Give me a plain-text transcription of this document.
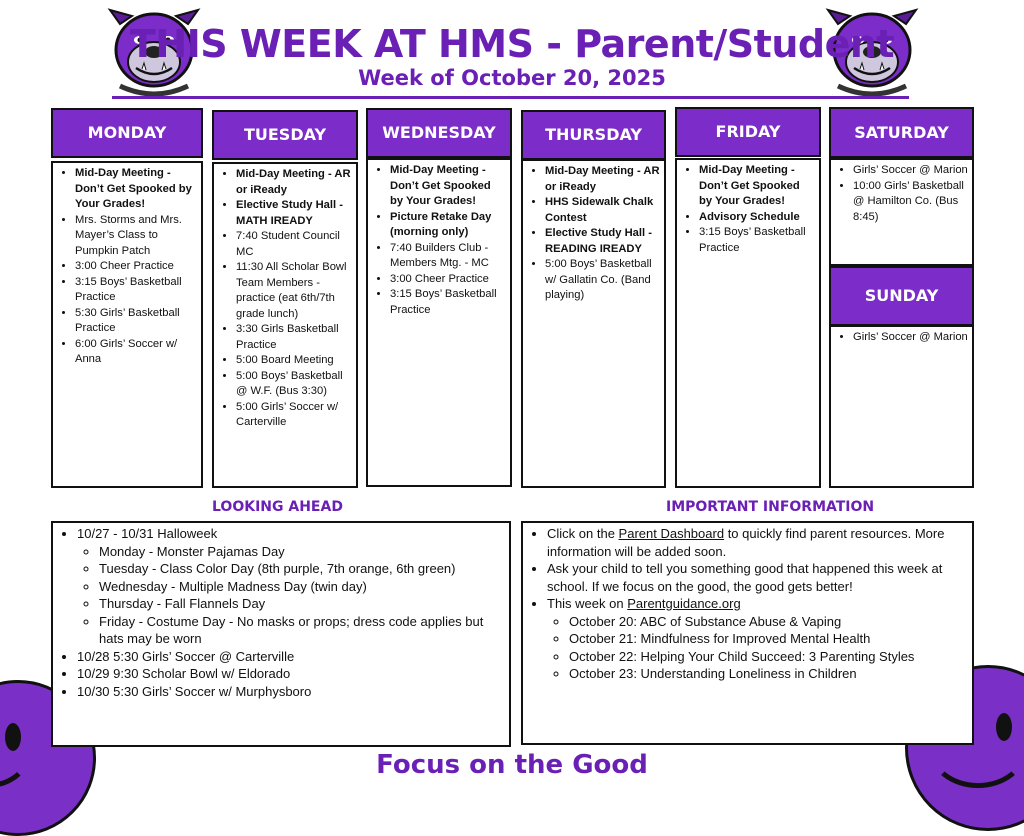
THIS WEEK AT HMS - Parent/Student
Week of October 20, 2025
MONDAY
• Mid-Day Meeting - Don’t Get Spooked by Your Grades!
• Mrs. Storms and Mrs. Mayer’s Class to Pumpkin Patch
• 3:00 Cheer Practice
• 3:15 Boys’ Basketball Practice
• 5:30 Girls’ Basketball Practice
• 6:00 Girls’ Soccer w/ Anna
TUESDAY
• Mid-Day Meeting - AR or iReady
• Elective Study Hall - MATH IREADY
• 7:40 Student Council MC
• 11:30 All Scholar Bowl Team Members - practice (eat 6th/7th grade lunch)
• 3:30 Girls Basketball Practice
• 5:00 Board Meeting
• 5:00 Boys’ Basketball @ W.F. (Bus 3:30)
• 5:00 Girls’ Soccer w/ Carterville
WEDNESDAY
• Mid-Day Meeting - Don’t Get Spooked by Your Grades!
• Picture Retake Day (morning only)
• 7:40 Builders Club - Members Mtg. - MC
• 3:00 Cheer Practice
• 3:15 Boys’ Basketball Practice
THURSDAY
• Mid-Day Meeting - AR or iReady
• HHS Sidewalk Chalk Contest
• Elective Study Hall - READING IREADY
• 5:00 Boys’ Basketball w/ Gallatin Co. (Band playing)
FRIDAY
• Mid-Day Meeting - Don’t Get Spooked by Your Grades!
• Advisory Schedule
• 3:15 Boys’ Basketball Practice
SATURDAY
• Girls’ Soccer @ Marion
• 10:00 Girls’ Basketball @ Hamilton Co. (Bus 8:45)
SUNDAY
• Girls’ Soccer @ Marion
LOOKING AHEAD
• 10/27 - 10/31 Halloweek
◦ Monday - Monster Pajamas Day
◦ Tuesday - Class Color Day (8th purple, 7th orange, 6th green)
◦ Wednesday - Multiple Madness Day (twin day)
◦ Thursday - Fall Flannels Day
◦ Friday - Costume Day - No masks or props; dress code applies but hats may be worn
• 10/28 5:30 Girls’ Soccer @ Carterville
• 10/29 9:30 Scholar Bowl w/ Eldorado
• 10/30 5:30 Girls’ Soccer w/ Murphysboro
IMPORTANT INFORMATION
• Click on the Parent Dashboard to quickly find parent resources. More information will be added soon.
• Ask your child to tell you something good that happened this week at school. If we focus on the good, the good gets better!
• This week on Parentguidance.org
◦ October 20: ABC of Substance Abuse & Vaping
◦ October 21: Mindfulness for Improved Mental Health
◦ October 22: Helping Your Child Succeed: 3 Parenting Styles
◦ October 23: Understanding Loneliness in Children
Focus on the Good
